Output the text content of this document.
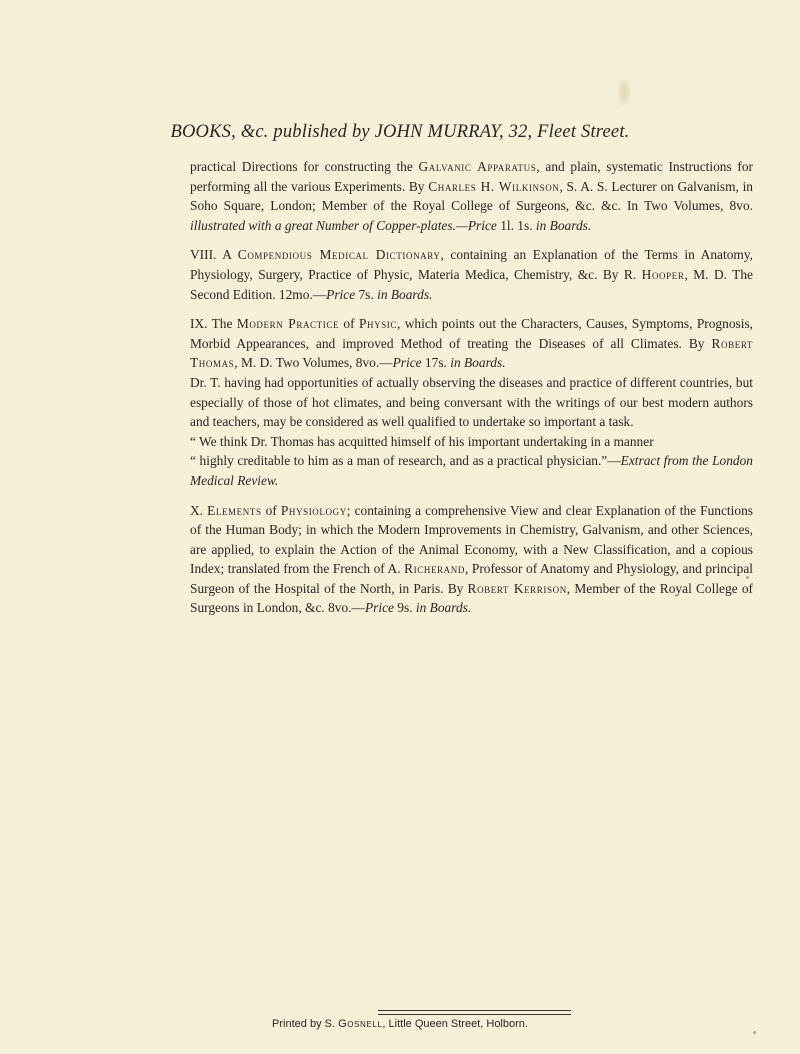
BOOKS, &c. published by JOHN MURRAY, 32, Fleet Street.

practical Directions for constructing the Galvanic Apparatus, and plain, systematic Instructions for performing all the various Experiments. By Charles H. Wilkinson, S. A. S. Lecturer on Galvanism, in Soho Square, London; Member of the Royal College of Surgeons, &c. &c. In Two Volumes, 8vo. illustrated with a great Number of Copper-plates.—Price 1l. 1s. in Boards.

VIII. A Compendious Medical Dictionary, containing an Explanation of the Terms in Anatomy, Physiology, Surgery, Practice of Physic, Materia Medica, Chemistry, &c. By R. Hooper, M. D. The Second Edition. 12mo.—Price 7s. in Boards.

IX. The Modern Practice of Physic, which points out the Characters, Causes, Symptoms, Prognosis, Morbid Appearances, and improved Method of treating the Diseases of all Climates. By Robert Thomas, M. D. Two Volumes, 8vo.—Price 17s. in Boards.

Dr. T. having had opportunities of actually observing the diseases and practice of different countries, but especially of those of hot climates, and being conversant with the writings of our best modern authors and teachers, may be considered as well qualified to undertake so important a task.

“ We think Dr. Thomas has acquitted himself of his important undertaking in a manner
“ highly creditable to him as a man of research, and as a practical physician.”—Extract from the London Medical Review.

X. Elements of Physiology; containing a comprehensive View and clear Explanation of the Functions of the Human Body; in which the Modern Improvements in Chemistry, Galvanism, and other Sciences, are applied, to explain the Action of the Animal Economy, with a New Classification, and a copious Index; translated from the French of A. Richerand, Professor of Anatomy and Physiology, and principal Surgeon of the Hospital of the North, in Paris. By Robert Kerrison, Member of the Royal College of Surgeons in London, &c. 8vo.—Price 9s. in Boards.

Printed by S. Gosnell, Little Queen Street, Holborn.
